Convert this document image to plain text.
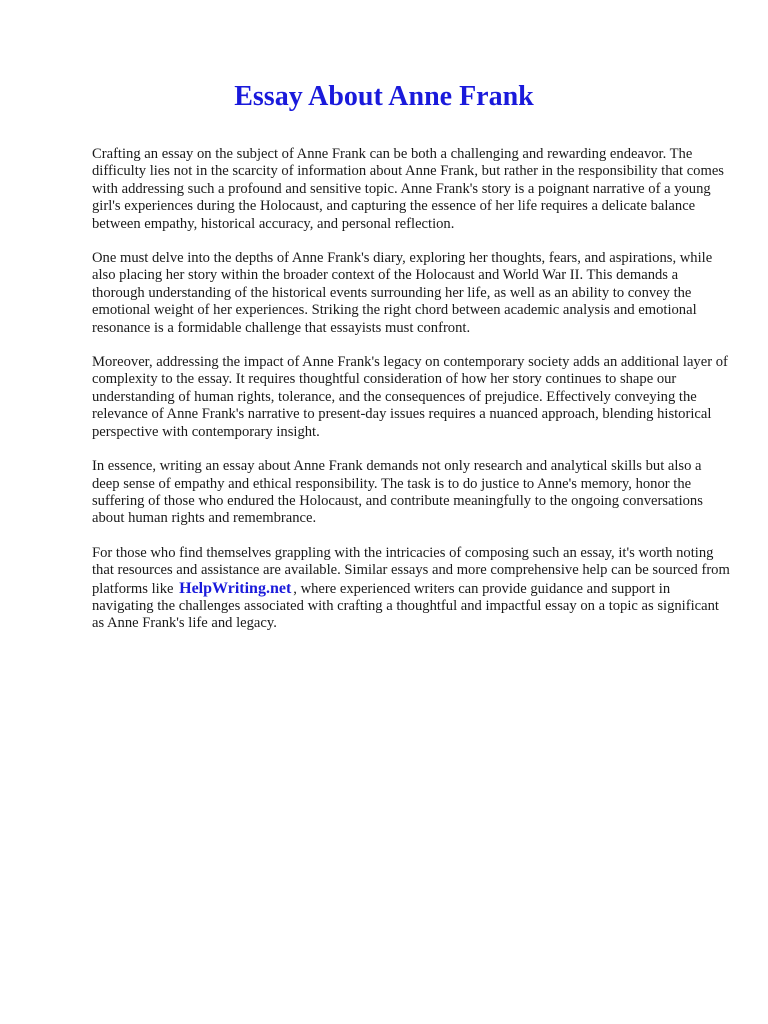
Essay About Anne Frank

Crafting an essay on the subject of Anne Frank can be both a challenging and rewarding endeavor. The difficulty lies not in the scarcity of information about Anne Frank, but rather in the responsibility that comes with addressing such a profound and sensitive topic. Anne Frank's story is a poignant narrative of a young girl's experiences during the Holocaust, and capturing the essence of her life requires a delicate balance between empathy, historical accuracy, and personal reflection.

One must delve into the depths of Anne Frank's diary, exploring her thoughts, fears, and aspirations, while also placing her story within the broader context of the Holocaust and World War II. This demands a thorough understanding of the historical events surrounding her life, as well as an ability to convey the emotional weight of her experiences. Striking the right chord between academic analysis and emotional resonance is a formidable challenge that essayists must confront.

Moreover, addressing the impact of Anne Frank's legacy on contemporary society adds an additional layer of complexity to the essay. It requires thoughtful consideration of how her story continues to shape our understanding of human rights, tolerance, and the consequences of prejudice. Effectively conveying the relevance of Anne Frank's narrative to present-day issues requires a nuanced approach, blending historical perspective with contemporary insight.

In essence, writing an essay about Anne Frank demands not only research and analytical skills but also a deep sense of empathy and ethical responsibility. The task is to do justice to Anne's memory, honor the suffering of those who endured the Holocaust, and contribute meaningfully to the ongoing conversations about human rights and remembrance.

For those who find themselves grappling with the intricacies of composing such an essay, it's worth noting that resources and assistance are available. Similar essays and more comprehensive help can be sourced from platforms like HelpWriting.net , where experienced writers can provide guidance and support in navigating the challenges associated with crafting a thoughtful and impactful essay on a topic as significant as Anne Frank's life and legacy.
